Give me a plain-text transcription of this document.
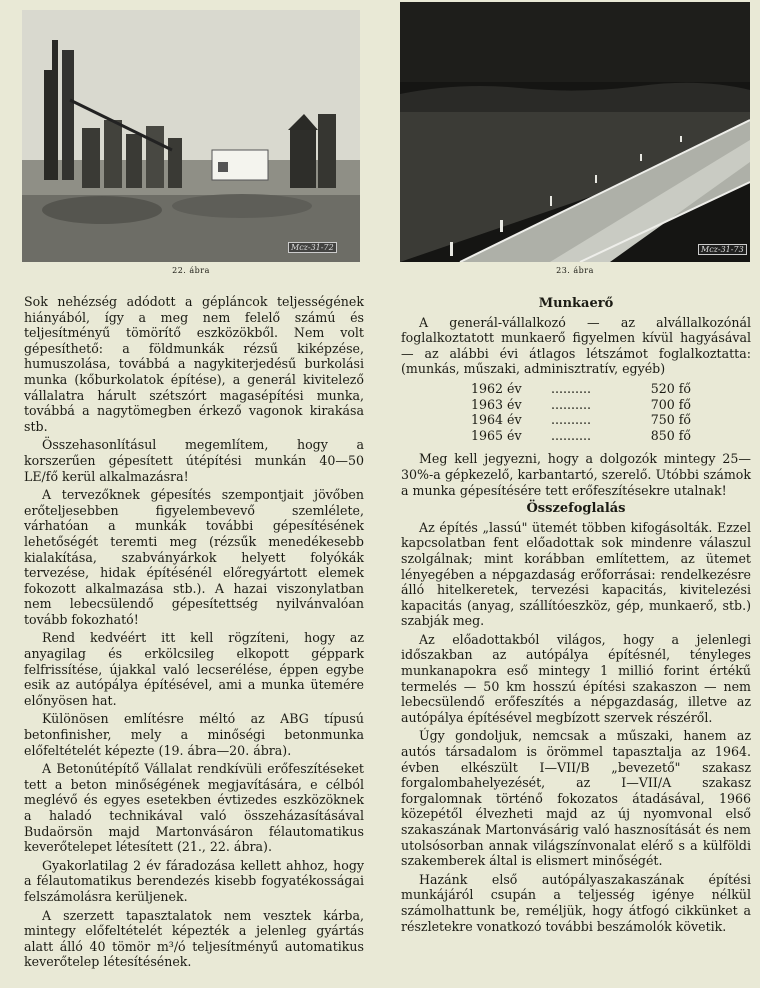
Mcz-31-72
22. ábra
Mcz-31-73
23. ábra

Sok nehézség adódott a gépláncok teljességének hiányából, így a meg nem felelő számú és teljesítményű tömörítő eszközökből. Nem volt gépesíthető: a földmunkák rézsű kiképzése, humuszolása, továbbá a nagykiterjedésű burkolási munka (kőburkolatok építése), a generál kivitelező vállalatra hárult szétszórt magasépítési munka, továbbá a nagytömegben érkező vagonok kirakása stb.

Összehasonlításul megemlítem, hogy a korszerűen gépesített útépítési munkán 40—50 LE/fő kerül alkalmazásra!

A tervezőknek gépesítés szempontjait jövőben erőteljesebben figyelembevevő szemlélete, várhatóan a munkák további gépesítésének lehetőségét teremti meg (rézsűk menedékesebb kialakítása, szabványárkok helyett folyókák tervezése, hidak építésénél előregyártott elemek fokozott alkalmazása stb.). A hazai viszonylatban nem lebecsülendő gépesítettség nyilvánvalóan tovább fokozható!

Rend kedvéért itt kell rögzíteni, hogy az anyagilag és erkölcsileg elkopott géppark felfrissítése, újakkal való lecserélése, éppen egybe esik az autópálya építésével, ami a munka ütemére előnyösen hat.

Különösen említésre méltó az ABG típusú betonfinisher, mely a minőségi betonmunka előfeltételét képezte (19. ábra—20. ábra).

A Betonútépítő Vállalat rendkívüli erőfeszítéseket tett a beton minőségének megjavítására, e célból meglévő és egyes esetekben évtizedes eszközöknek a haladó technikával való összeházasításával Budaörsön majd Martonvásáron félautomatikus keverőtelepet létesített (21., 22. ábra).

Gyakorlatilag 2 év fáradozása kellett ahhoz, hogy a félautomatikus berendezés kisebb fogyatékosságai felszámolásra kerüljenek.

A szerzett tapasztalatok nem vesztek kárba, mintegy előfeltételét képezték a jelenleg gyártás alatt álló 40 tömör m³/ó teljesítményű automatikus keverőtelep létesítésének.

Munkaerő

A generál-vállalkozó — az alvállalkozónál foglalkoztatott munkaerő figyelmen kívül hagyásával — az alábbi évi átlagos létszámot foglalkoztatta: (munkás, műszaki, adminisztratív, egyéb)

1962 év	..........	520 fő
1963 év	..........	700 fő
1964 év	..........	750 fő
1965 év	..........	850 fő

Meg kell jegyezni, hogy a dolgozók mintegy 25—30%-a gépkezelő, karbantartó, szerelő. Utóbbi számok a munka gépesítésére tett erőfeszítésekre utalnak!

Összefoglalás

Az építés „lassú" ütemét többen kifogásolták. Ezzel kapcsolatban fent előadottak sok mindenre válaszul szolgálnak; mint korábban említettem, az ütemet lényegében a népgazdaság erőforrásai: rendelkezésre álló hitelkeretek, tervezési kapacitás, kivitelezési kapacitás (anyag, szállítóeszköz, gép, munkaerő, stb.) szabják meg.

Az előadottakból világos, hogy a jelenlegi időszakban az autópálya építésnél, tényleges munkanapokra eső mintegy 1 millió forint értékű termelés — 50 km hosszú építési szakaszon — nem lebecsülendő erőfeszítés a népgazdaság, illetve az autópálya építésével megbízott szervek részéről.

Úgy gondoljuk, nemcsak a műszaki, hanem az autós társadalom is örömmel tapasztalja az 1964. évben elkészült I—VII/B „bevezető" szakasz forgalombahelyezését, az I—VII/A szakasz forgalomnak történő fokozatos átadásával, 1966 közepétől élvezheti majd az új nyomvonal első szakaszának Martonvásárig való hasznosítását és nem utolsósorban annak világszínvonalat elérő s a külföldi szakemberek által is elismert minőségét.

Hazánk első autópályaszakaszának építési munkájáról csupán a teljesség igénye nélkül számolhattunk be, reméljük, hogy átfogó cikkünket a részletekre vonatkozó további beszámolók követik.
